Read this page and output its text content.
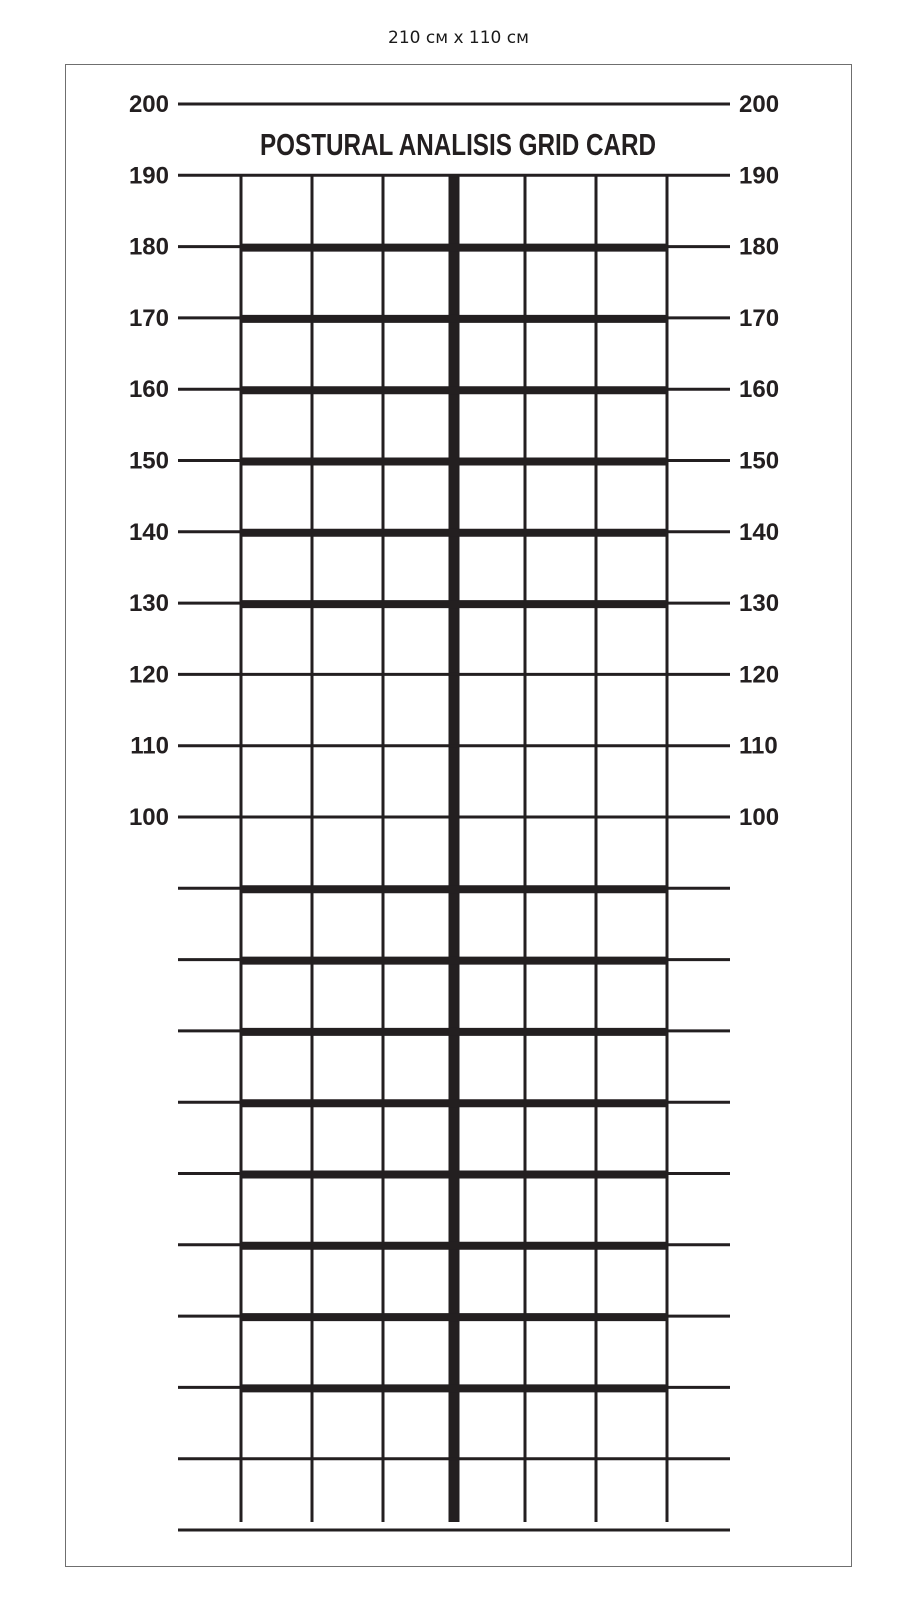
210 см x 110 см
200	200
190	190
180	180
170	170
160	160
150	150
140	140
130	130
120	120
110	110
100	100
POSTURAL ANALISIS GRID CARD
